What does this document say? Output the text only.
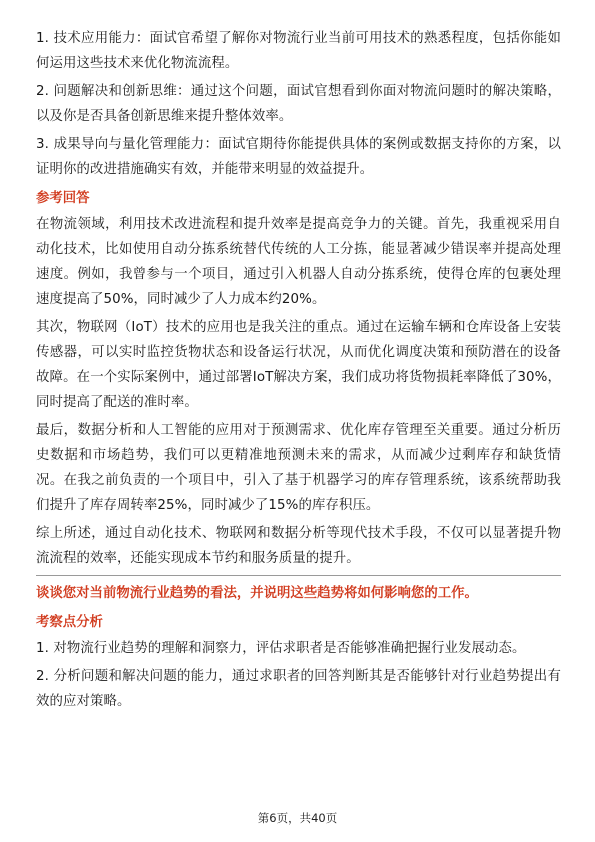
1. 技术应用能力：面试官希望了解你对物流行业当前可用技术的熟悉程度，包括你能如何运用这些技术来优化物流流程。

2. 问题解决和创新思维：通过这个问题，面试官想看到你面对物流问题时的解决策略，以及你是否具备创新思维来提升整体效率。

3. 成果导向与量化管理能力：面试官期待你能提供具体的案例或数据支持你的方案，以证明你的改进措施确实有效，并能带来明显的效益提升。

参考回答

在物流领域，利用技术改进流程和提升效率是提高竞争力的关键。首先，我重视采用自动化技术，比如使用自动分拣系统替代传统的人工分拣，能显著减少错误率并提高处理速度。例如，我曾参与一个项目，通过引入机器人自动分拣系统，使得仓库的包裹处理速度提高了50%，同时减少了人力成本约20%。

其次，物联网（IoT）技术的应用也是我关注的重点。通过在运输车辆和仓库设备上安装传感器，可以实时监控货物状态和设备运行状况，从而优化调度决策和预防潜在的设备故障。在一个实际案例中，通过部署IoT解决方案，我们成功将货物损耗率降低了30%，同时提高了配送的准时率。

最后，数据分析和人工智能的应用对于预测需求、优化库存管理至关重要。通过分析历史数据和市场趋势，我们可以更精准地预测未来的需求，从而减少过剩库存和缺货情况。在我之前负责的一个项目中，引入了基于机器学习的库存管理系统，该系统帮助我们提升了库存周转率25%，同时减少了15%的库存积压。

综上所述，通过自动化技术、物联网和数据分析等现代技术手段，不仅可以显著提升物流流程的效率，还能实现成本节约和服务质量的提升。

谈谈您对当前物流行业趋势的看法，并说明这些趋势将如何影响您的工作。
考察点分析

1. 对物流行业趋势的理解和洞察力，评估求职者是否能够准确把握行业发展动态。

2. 分析问题和解决问题的能力，通过求职者的回答判断其是否能够针对行业趋势提出有效的应对策略。

第6页，共40页
